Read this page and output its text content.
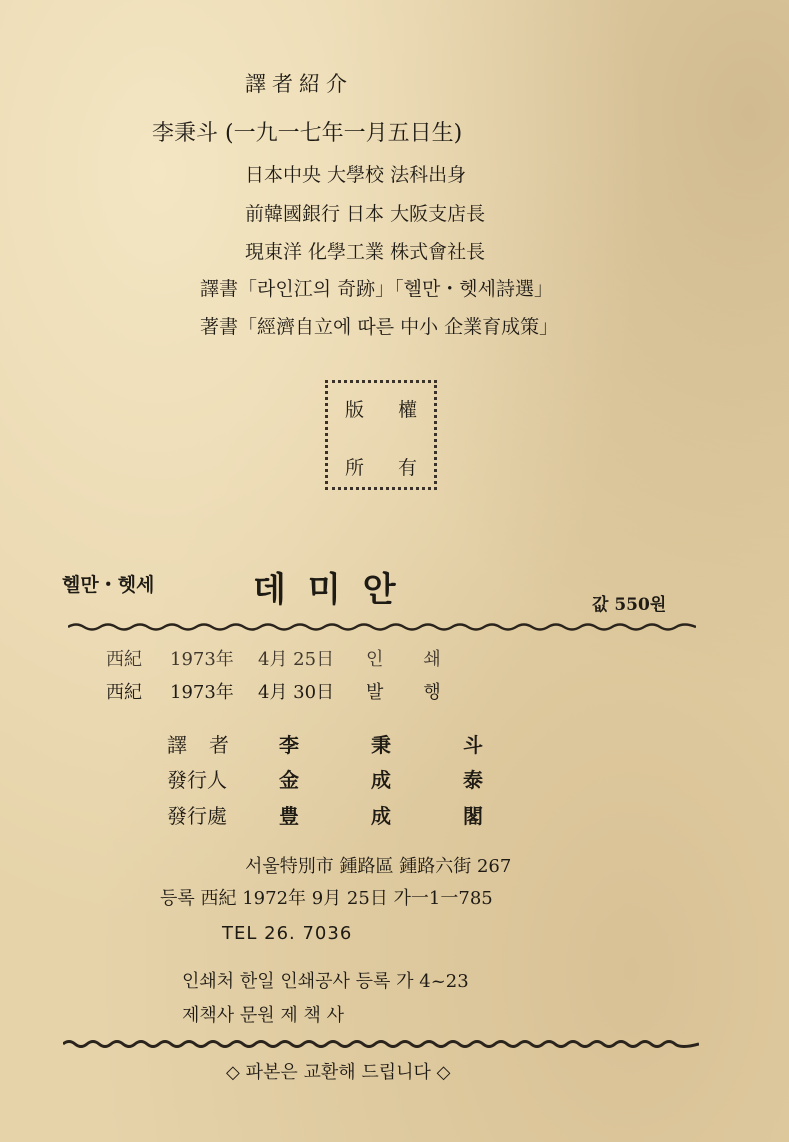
譯者紹介
李秉斗 (一九一七年一月五日生)
日本中央 大學校 法科出身
前韓國銀行 日本 大阪支店長
現東洋 化學工業 株式會社長
譯書「라인江의 奇跡」「헬만・헷세詩選」
著書「經濟自立에 따른 中小 企業育成策」
版 權
所 有
헬만・헷세	데미안	값 550원
西紀 1973年 4月 25日 인쇄
西紀 1973年 4月 30日 발행
譯者 李秉斗
發行人	金成泰
發行處	豊成閣
서울特別市 鍾路區 鍾路六街 267
등록 西紀 1972年 9月 25日 가一1一785
TEL 26. 7036
인쇄처 한일 인쇄공사 등록 가 4~23
제책사 문원 제 책 사
◇ 파본은 교환해 드립니다 ◇
